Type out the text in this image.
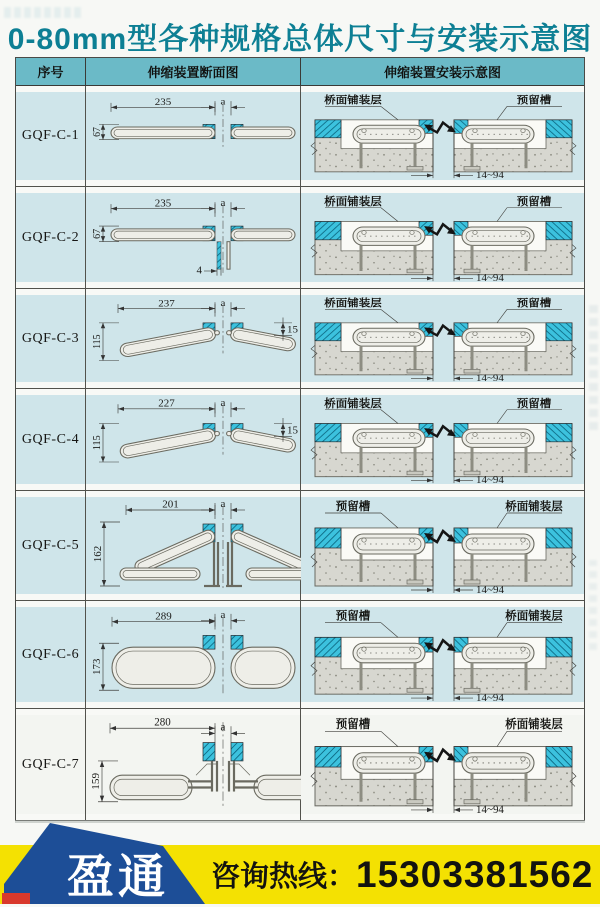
0-80mm型各种规格总体尺寸与安装示意图
序号	伸缩装置断面图	伸缩装置安装示意图
GQF-C-1
235	a
67
14~94
桥面铺装层	预留槽
GQF-C-2
235	a
67
4
14~94
桥面铺装层	预留槽
GQF-C-3
237	a
115
15
14~94
桥面铺装层	预留槽
GQF-C-4
227	a
115
15
14~94
桥面铺装层	预留槽
GQF-C-5
201	a
162
14~94
预留槽	桥面铺装层
GQF-C-6
289	a
173
14~94
预留槽	桥面铺装层
GQF-C-7
280	a
159
14~94
预留槽	桥面铺装层
盈通	咨询热线 ： 15303381562
